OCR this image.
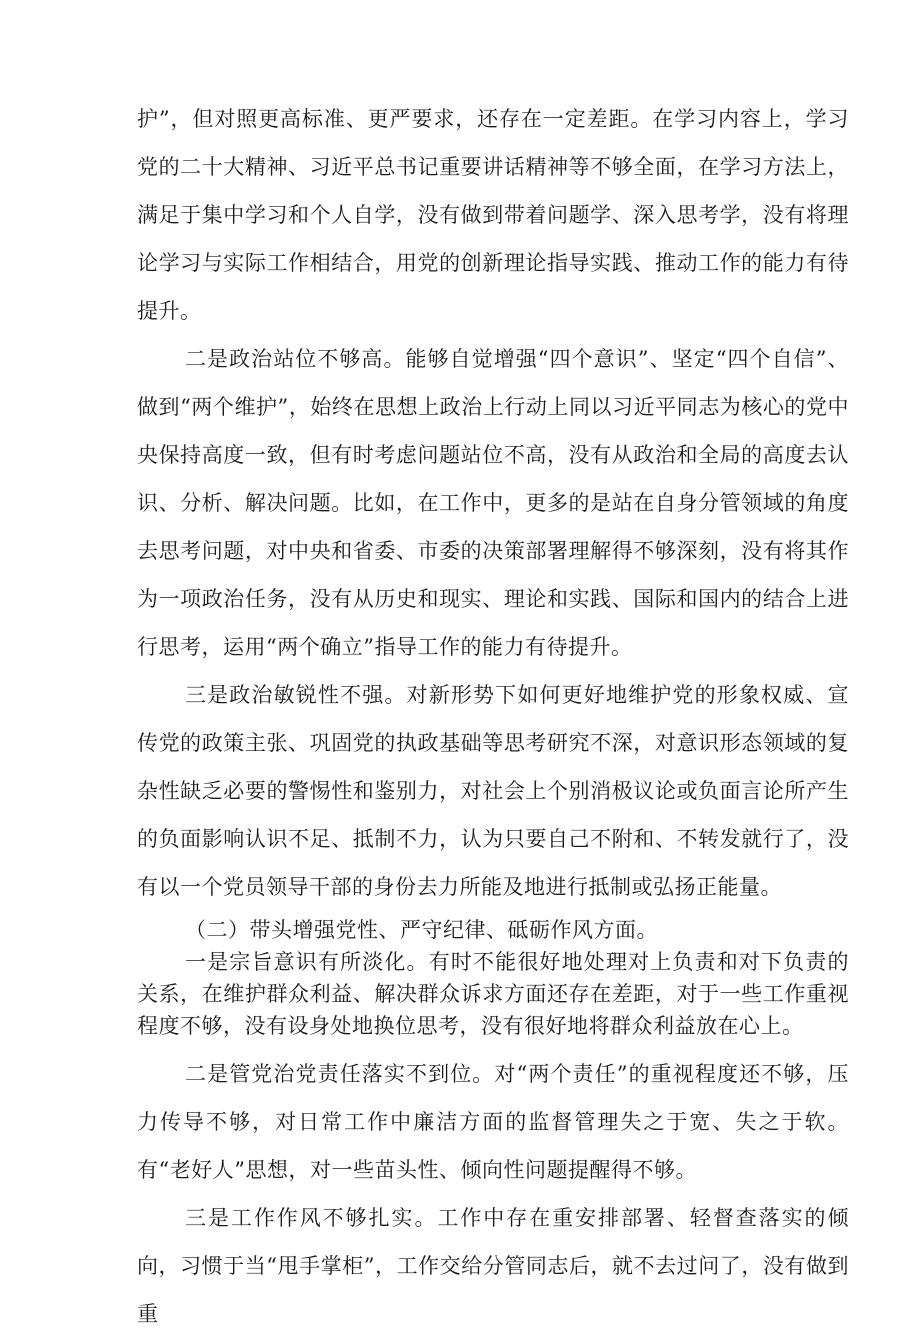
护”，但对照更高标准、更严要求，还存在一定差距。在学习内容上，学习党的二十大精神、习近平总书记重要讲话精神等不够全面，在学习方法上，满足于集中学习和个人自学，没有做到带着问题学、深入思考学，没有将理论学习与实际工作相结合，用党的创新理论指导实践、推动工作的能力有待提升。

二是政治站位不够高。能够自觉增强“四个意识”、坚定“四个自信”、做到“两个维护”，始终在思想上政治上行动上同以习近平同志为核心的党中央保持高度一致，但有时考虑问题站位不高，没有从政治和全局的高度去认识、分析、解决问题。比如，在工作中，更多的是站在自身分管领域的角度去思考问题，对中央和省委、市委的决策部署理解得不够深刻，没有将其作为一项政治任务，没有从历史和现实、理论和实践、国际和国内的结合上进行思考，运用“两个确立”指导工作的能力有待提升。

三是政治敏锐性不强。对新形势下如何更好地维护党的形象权威、宣传党的政策主张、巩固党的执政基础等思考研究不深，对意识形态领域的复杂性缺乏必要的警惕性和鉴别力，对社会上个别消极议论或负面言论所产生的负面影响认识不足、抵制不力，认为只要自己不附和、不转发就行了，没有以一个党员领导干部的身份去力所能及地进行抵制或弘扬正能量。

（二）带头增强党性、严守纪律、砥砺作风方面。

一是宗旨意识有所淡化。有时不能很好地处理对上负责和对下负责的关系，在维护群众利益、解决群众诉求方面还存在差距，对于一些工作重视程度不够，没有设身处地换位思考，没有很好地将群众利益放在心上。

二是管党治党责任落实不到位。对“两个责任”的重视程度还不够，压力传导不够，对日常工作中廉洁方面的监督管理失之于宽、失之于软。有“老好人”思想，对一些苗头性、倾向性问题提醒得不够。

三是工作作风不够扎实。工作中存在重安排部署、轻督查落实的倾向，习惯于当“甩手掌柜”，工作交给分管同志后，就不去过问了，没有做到重
